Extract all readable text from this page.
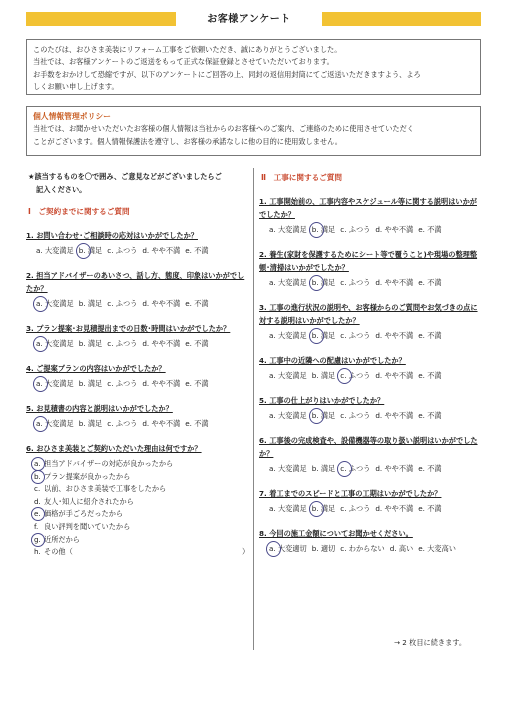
お客様アンケート
このたびは、おひさま美装にリフォーム工事をご依頼いただき、誠にありがとうございました。
当社では、お客様アンケートのご返送をもって正式な保証登録とさせていただいております。
お手数をおかけして恐縮ですが、以下のアンケートにご回答の上、同封の返信用封筒にてご返送いただきますよう、よろ
しくお願い申し上げます。
個人情報管理ポリシー
当社では、お聞かせいただいたお客様の個人情報は当社からのお客様へのご案内、ご連絡のために使用させていただく
ことがございます。個人情報保護法を遵守し、お客様の承諾なしに他の目的に使用致しません。
★該当するものを〇で囲み、ご意見などがございましたらご
記入ください。
Ⅰ　ご契約までに関するご質問
1. お問い合わせ･ご相談時の応対はいかがでしたか？
a. 大変満足 b. 満足 c. ふつう d. やや不満 e. 不満
2. 担当アドバイザーのあいさつ、話し方、態度、印象はいかがでしたか？
a. 大変満足 b. 満足 c. ふつう d. やや不満 e. 不満
3. プラン提案･お見積提出までの日数･時間はいかがでしたか？
a. 大変満足 b. 満足 c. ふつう d. やや不満 e. 不満
4. ご提案プランの内容はいかがでしたか？
a. 大変満足 b. 満足 c. ふつう d. やや不満 e. 不満
5. お見積書の内容と説明はいかがでしたか？
a. 大変満足 b. 満足 c. ふつう d. やや不満 e. 不満
6. おひさま美装とご契約いただいた理由は何ですか？
a. 担当アドバイザーの対応が良かったから
b. プラン提案が良かったから
c. 以前、おひさま美装で工事をしたから
d. 友人･知人に紹介されたから
e. 価格が手ごろだったから
f. 良い評判を聞いていたから
g. 近所だから
h. その他（	）
Ⅱ　工事に関するご質問
1. 工事開始前の、工事内容やスケジュール等に関する説明はいかがでしたか？
a. 大変満足 b. 満足 c. ふつう d. やや不満 e. 不満
2. 養生(家財を保護するためにシート等で覆うこと)や現場の整理整頓･清掃はいかがでしたか？
a. 大変満足 b. 満足 c. ふつう d. やや不満 e. 不満
3. 工事の進行状況の説明や、お客様からのご質問やお気づきの点に対する説明はいかがでしたか？
a. 大変満足 b. 満足 c. ふつう d. やや不満 e. 不満
4. 工事中の近隣への配慮はいかがでしたか？
a. 大変満足 b. 満足 c. ふつう d. やや不満 e. 不満
5. 工事の仕上がりはいかがでしたか？
a. 大変満足 b. 満足 c. ふつう d. やや不満 e. 不満
6. 工事後の完成検査や、設備機器等の取り扱い説明はいかがでしたか？
a. 大変満足 b. 満足 c. ふつう d. やや不満 e. 不満
7. 着工までのスピードと工事の工期はいかがでしたか？
a. 大変満足 b. 満足 c. ふつう d. やや不満 e. 不満
8. 今回の施工金額についてお聞かせください。
a. 大変適切 b. 適切 c. わからない d. 高い e. 大変高い
→ 2 枚目に続きます。
